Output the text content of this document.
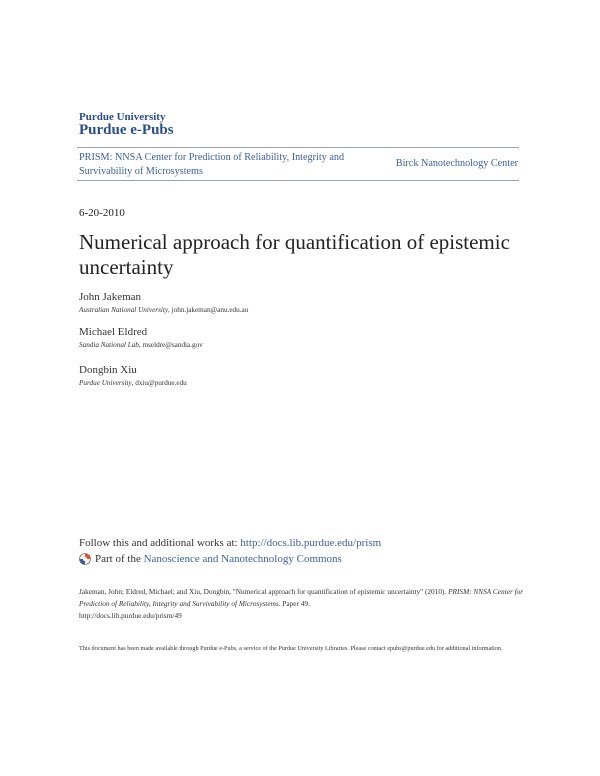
Purdue University
Purdue e-Pubs
PRISM: NNSA Center for Prediction of Reliability, Integrity and Survivability of Microsystems
Birck Nanotechnology Center
6-20-2010
Numerical approach for quantification of epistemic uncertainty
John Jakeman
Australian National University, john.jakeman@anu.edu.au
Michael Eldred
Sandia National Lab, mseldre@sandia.gov
Dongbin Xiu
Purdue University, dxiu@purdue.edu
Follow this and additional works at: http://docs.lib.purdue.edu/prism
Part of the
Nanoscience and Nanotechnology Commons
Jakeman, John; Eldred, Michael; and Xiu, Dongbin, "Numerical approach for quantification of epistemic uncertainty" (2010). PRISM: NNSA Center for Prediction of Reliability, Integrity and Survivability of Microsystems. Paper 49.
http://docs.lib.purdue.edu/prism/49
This document has been made available through Purdue e-Pubs, a service of the Purdue University Libraries. Please contact epubs@purdue.edu for additional information.
